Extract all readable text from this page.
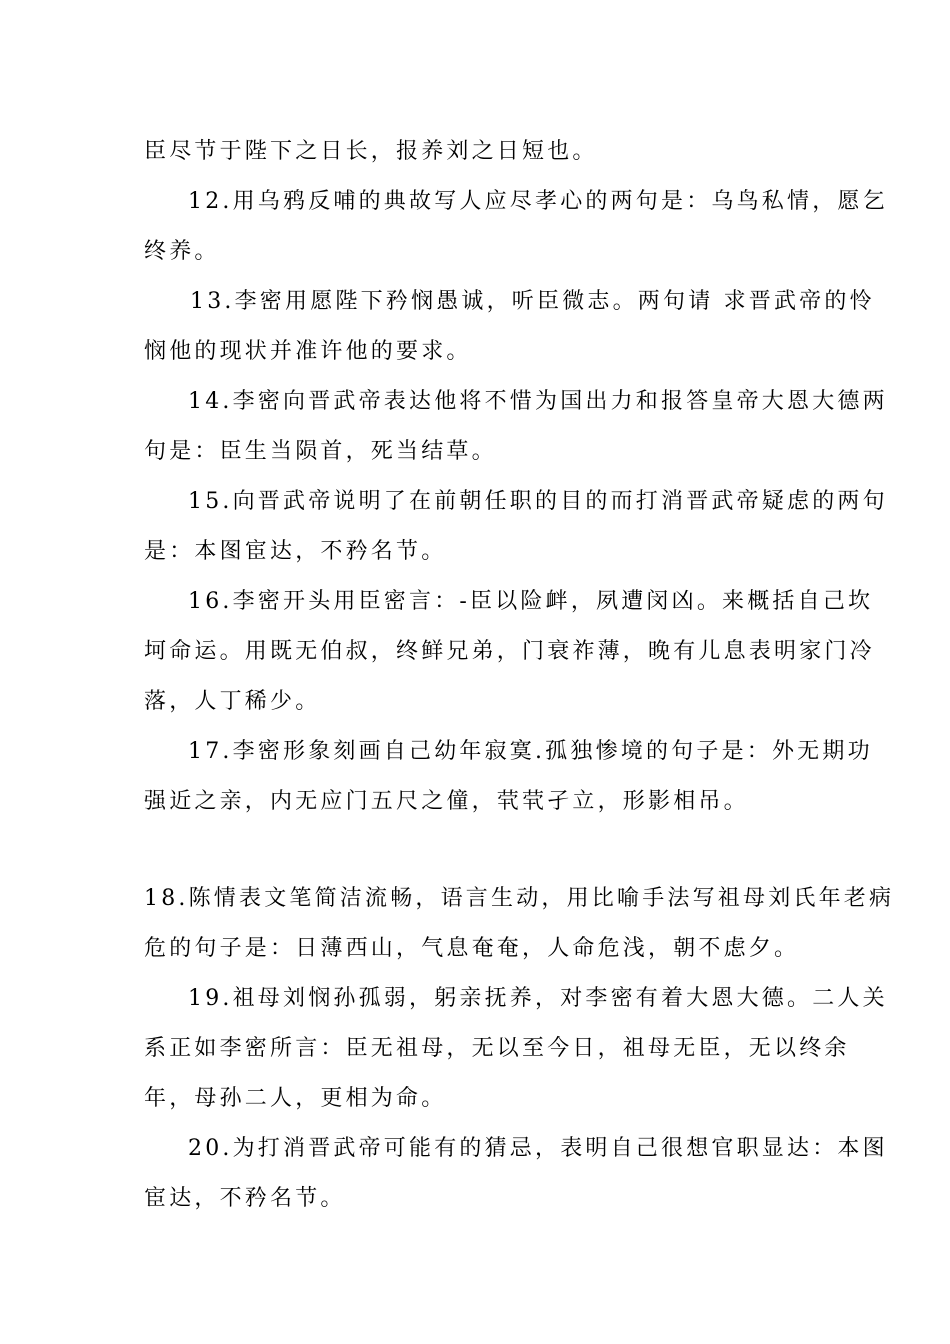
臣尽节于陛下之日长，报养刘之日短也。
12.用乌鸦反哺的典故写人应尽孝心的两句是：乌鸟私情，愿乞
终养。
13.李密用愿陛下矜悯愚诚，听臣微志。两句请 求晋武帝的怜
悯他的现状并准许他的要求。
14.李密向晋武帝表达他将不惜为国出力和报答皇帝大恩大德两
句是：臣生当陨首，死当结草。
15.向晋武帝说明了在前朝任职的目的而打消晋武帝疑虑的两句
是：本图宦达，不矜名节。
16.李密开头用臣密言：-臣以险衅，夙遭闵凶。来概括自己坎
坷命运。用既无伯叔，终鲜兄弟，门衰祚薄，晚有儿息表明家门冷
落，人丁稀少。
17.李密形象刻画自己幼年寂寞.孤独惨境的句子是：外无期功
强近之亲，内无应门五尺之僮，茕茕孑立，形影相吊。
18.陈情表文笔简洁流畅，语言生动，用比喻手法写祖母刘氏年老病
危的句子是：日薄西山，气息奄奄，人命危浅，朝不虑夕。
19.祖母刘悯孙孤弱，躬亲抚养，对李密有着大恩大德。二人关
系正如李密所言：臣无祖母，无以至今日，祖母无臣，无以终余
年，母孙二人，更相为命。
20.为打消晋武帝可能有的猜忌，表明自己很想官职显达：本图
宦达，不矜名节。
